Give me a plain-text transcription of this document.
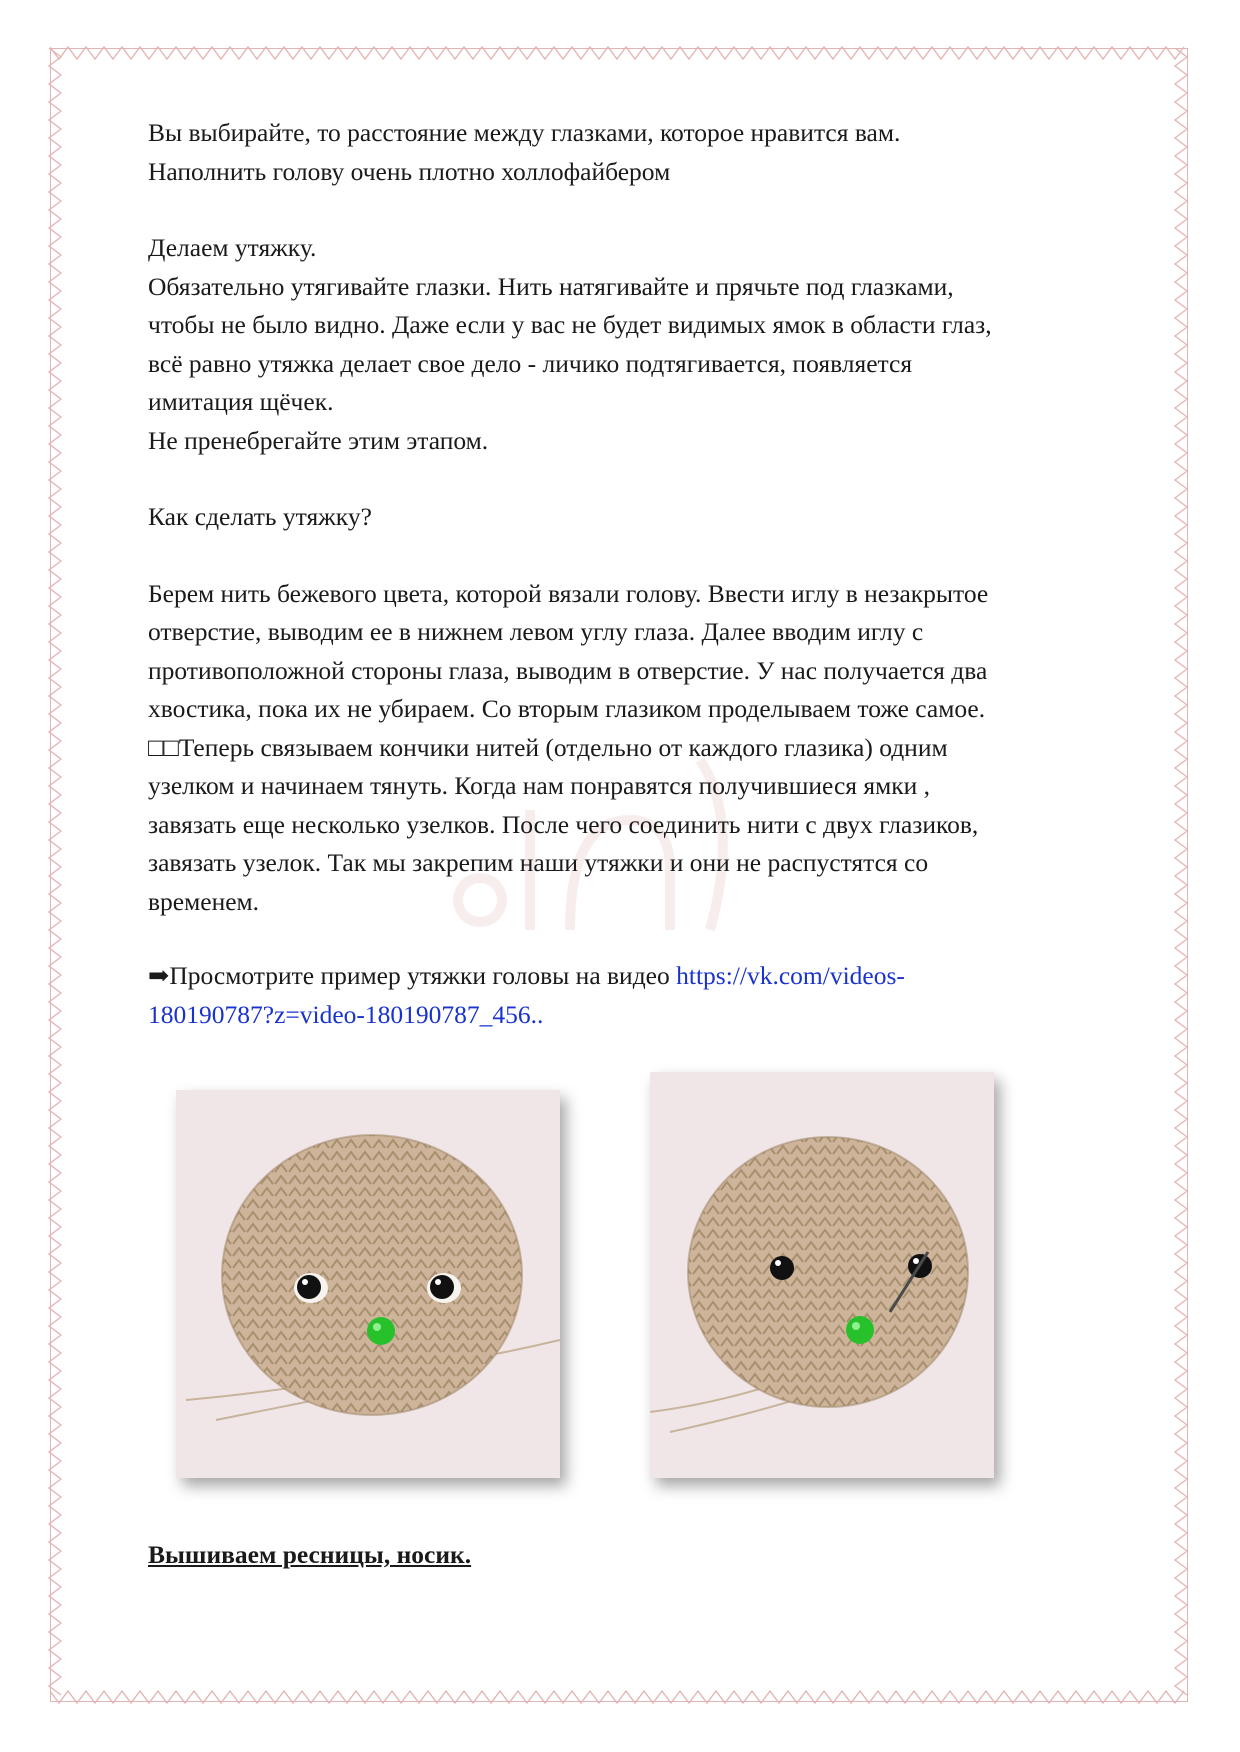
Вы выбирайте, то расстояние между глазками, которое нравится вам.
Наполнить голову очень плотно холлофайбером

Делаем утяжку.
Обязательно утягивайте глазки. Нить натягивайте и прячьте под глазками,
чтобы не было видно. Даже если у вас не будет видимых ямок в области глаз,
всё равно утяжка делает свое дело - личико подтягивается, появляется
имитация щёчек.
Не пренебрегайте этим этапом.

Как сделать утяжку?

Берем нить бежевого цвета, которой вязали голову. Ввести иглу в незакрытое
отверстие, выводим ее в нижнем левом углу глаза. Далее вводим иглу с
противоположной стороны глаза, выводим в отверстие. У нас получается два
хвостика, пока их не убираем. Со вторым глазиком проделываем тоже самое.
□□Теперь связываем кончики нитей (отдельно от каждого глазика) одним
узелком и начинаем тянуть. Когда нам понравятся получившиеся ямки ,
завязать еще несколько узелков. После чего соединить нити с двух глазиков,
завязать узелок. Так мы закрепим наши утяжки и они не распустятся со
временем.

➡Просмотрите пример утяжки головы на видео https://vk.com/videos-
180190787?z=video-180190787_456..

Вышиваем ресницы, носик.
